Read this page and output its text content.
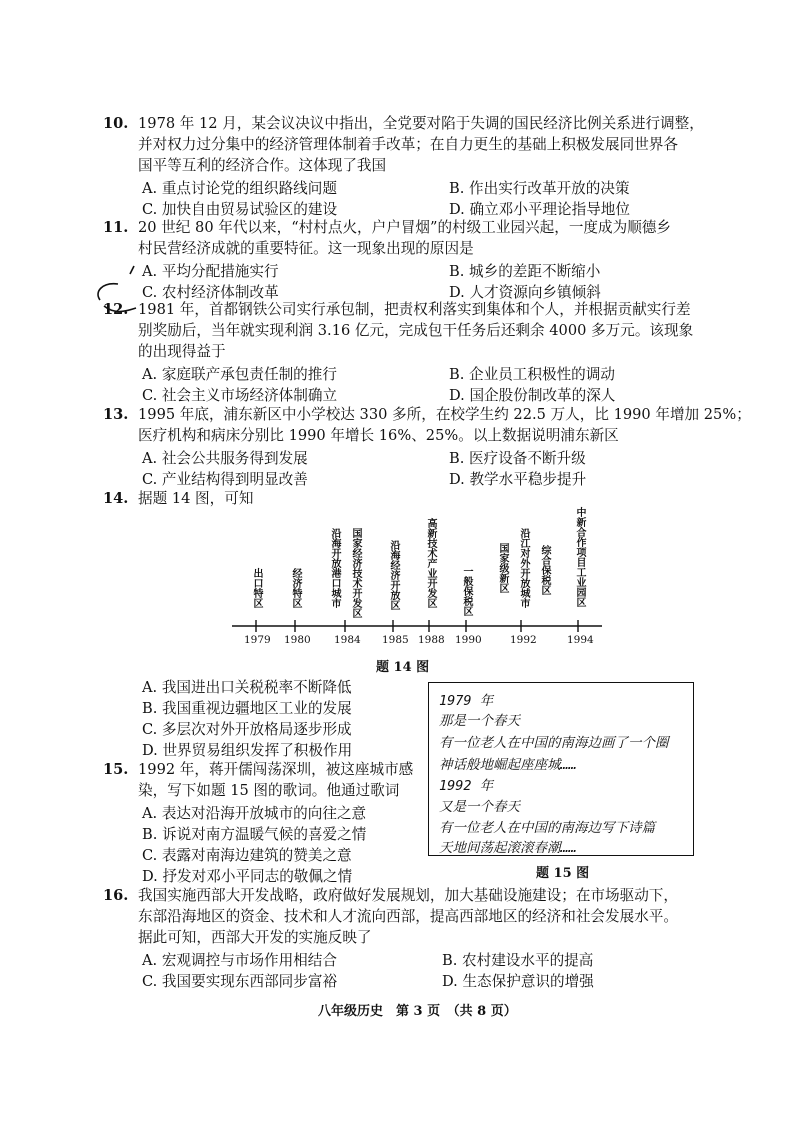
10. 1978 年 12 月，某会议决议中指出，全党要对陷于失调的国民经济比例关系进行调整，
并对权力过分集中的经济管理体制着手改革；在自力更生的基础上积极发展同世界各
国平等互利的经济合作。这体现了我国
A. 重点讨论党的组织路线问题	B. 作出实行改革开放的决策
C. 加快自由贸易试验区的建设	D. 确立邓小平理论指导地位
11. 20 世纪 80 年代以来，“村村点火，户户冒烟”的村级工业园兴起，一度成为顺德乡
村民营经济成就的重要特征。这一现象出现的原因是
A. 平均分配措施实行	B. 城乡的差距不断缩小
C. 农村经济体制改革	D. 人才资源向乡镇倾斜
12. 1981 年，首都钢铁公司实行承包制，把责权利落实到集体和个人，并根据贡献实行差
别奖励后，当年就实现利润 3.16 亿元，完成包干任务后还剩余 4000 多万元。该现象
的出现得益于
A. 家庭联产承包责任制的推行	B. 企业员工积极性的调动
C. 社会主义市场经济体制确立	D. 国企股份制改革的深人
13. 1995 年底，浦东新区中小学校达 330 多所，在校学生约 22.5 万人，比 1990 年增加 25%；
医疗机构和病床分别比 1990 年增长 16%、25%。以上数据说明浦东新区
A. 社会公共服务得到发展	B. 医疗设备不断升级
C. 产业结构得到明显改善	D. 教学水平稳步提升
14. 据题 14 图，可知
出口特区	经济特区	沿海开放港口城市 国家经济技术开发区	沿海经济开放区	高新技术产业开发区	一般保税区	国家级新区 沿江对外开放城市 综合保税区 中新合作项目工业园区
1979 1980 1984 1985 1988 1990	1992	1994
题 14 图
A. 我国进出口关税税率不断降低
B. 我国重视边疆地区工业的发展
C. 多层次对外开放格局逐步形成
D. 世界贸易组织发挥了积极作用
15. 1992 年，蒋开儒闯荡深圳，被这座城市感
染，写下如题 15 图的歌词。他通过歌词
A. 表达对沿海开放城市的向往之意
B. 诉说对南方温暖气候的喜爱之情
C. 表露对南海边建筑的赞美之意
D. 抒发对邓小平同志的敬佩之情
1979 年
那是一个春天
有一位老人在中国的南海边画了一个圈
神话般地崛起座座城……
1992 年
又是一个春天
有一位老人在中国的南海边写下诗篇
天地间荡起滚滚春潮……
题 15 图
16. 我国实施西部大开发战略，政府做好发展规划，加大基础设施建设；在市场驱动下，
东部沿海地区的资金、技术和人才流向西部，提高西部地区的经济和社会发展水平。
据此可知，西部大开发的实施反映了
A. 宏观调控与市场作用相结合	B. 农村建设水平的提高
C. 我国要实现东西部同步富裕	D. 生态保护意识的增强
八年级历史　第 3 页　（共 8 页）
